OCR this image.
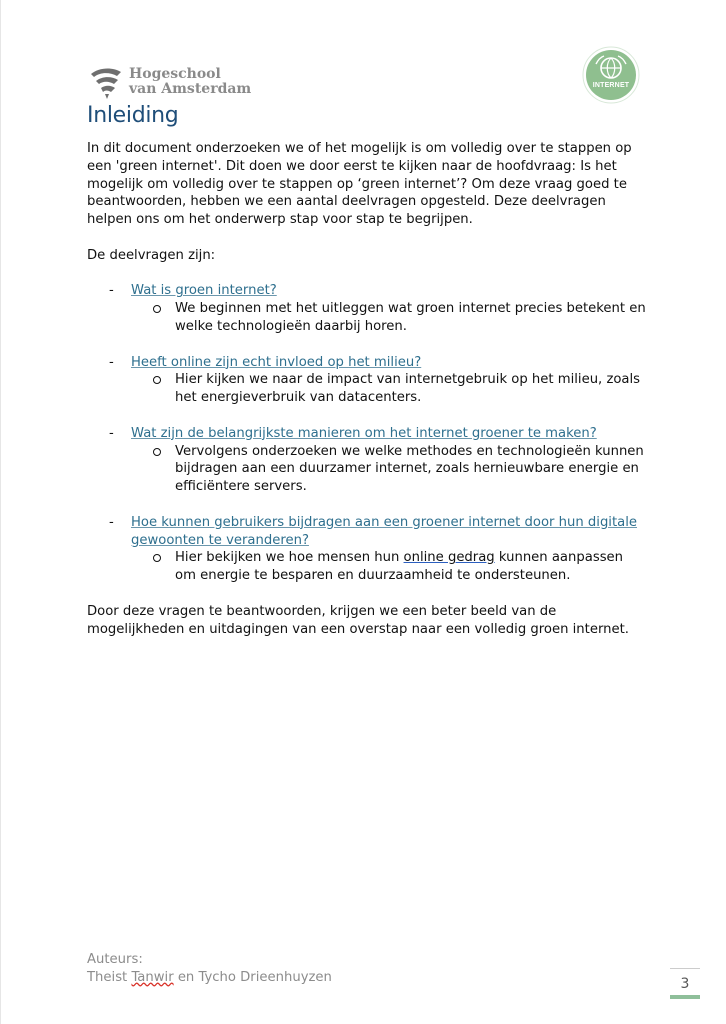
Hogeschool
van Amsterdam	INTERNET
Inleiding

In dit document onderzoeken we of het mogelijk is om volledig over te stappen op een 'green internet'. Dit doen we door eerst te kijken naar de hoofdvraag: Is het mogelijk om volledig over te stappen op ‘green internet’? Om deze vraag goed te beantwoorden, hebben we een aantal deelvragen opgesteld. Deze deelvragen helpen ons om het onderwerp stap voor stap te begrijpen.

De deelvragen zijn:

- Wat is groen internet?
We beginnen met het uitleggen wat groen internet precies betekent en welke technologieën daarbij horen.
- Heeft online zijn echt invloed op het milieu?
Hier kijken we naar de impact van internetgebruik op het milieu, zoals het energieverbruik van datacenters.
- Wat zijn de belangrijkste manieren om het internet groener te maken?
Vervolgens onderzoeken we welke methodes en technologieën kunnen bijdragen aan een duurzamer internet, zoals hernieuwbare energie en efficiëntere servers.
- Hoe kunnen gebruikers bijdragen aan een groener internet door hun digitale gewoonten te veranderen?
Hier bekijken we hoe mensen hun online gedrag kunnen aanpassen om energie te besparen en duurzaamheid te ondersteunen.

Door deze vragen te beantwoorden, krijgen we een beter beeld van de mogelijkheden en uitdagingen van een overstap naar een volledig groen internet.

Auteurs:
Theist Tanwir en Tycho Drieenhuyzen	3
